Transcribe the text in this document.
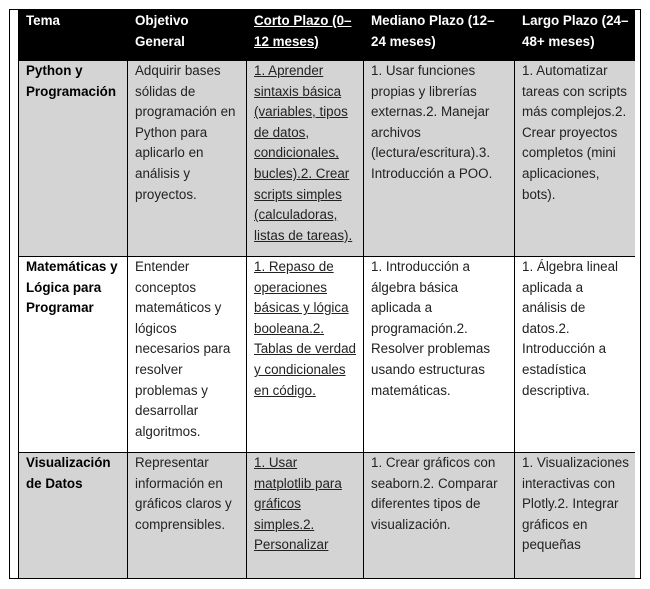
Tema	Objetivo General	Corto Plazo (0–12 meses)	Mediano Plazo (12–24 meses)	Largo Plazo (24–48+ meses)
Python y Programación	Adquirir bases sólidas de programación en Python para aplicarlo en análisis y proyectos.	1. Aprender sintaxis básica (variables, tipos de datos, condicionales, bucles).2. Crear scripts simples (calculadoras, listas de tareas).	1. Usar funciones propias y librerías externas.2. Manejar archivos (lectura/escritura).3. Introducción a POO.	1. Automatizar tareas con scripts más complejos.2. Crear proyectos completos (mini aplicaciones, bots).
Matemáticas y Lógica para Programar	Entender conceptos matemáticos y lógicos necesarios para resolver problemas y desarrollar algoritmos.	1. Repaso de operaciones básicas y lógica booleana.2. Tablas de verdad y condicionales en código.	1. Introducción a álgebra básica aplicada a programación.2. Resolver problemas usando estructuras matemáticas.	1. Álgebra lineal aplicada a análisis de datos.2. Introducción a estadística descriptiva.
Visualización de Datos	Representar información en gráficos claros y comprensibles.	1. Usar matplotlib para gráficos simples.2. Personalizar	1. Crear gráficos con seaborn.2. Comparar diferentes tipos de visualización.	1. Visualizaciones interactivas con Plotly.2. Integrar gráficos en pequeñas
